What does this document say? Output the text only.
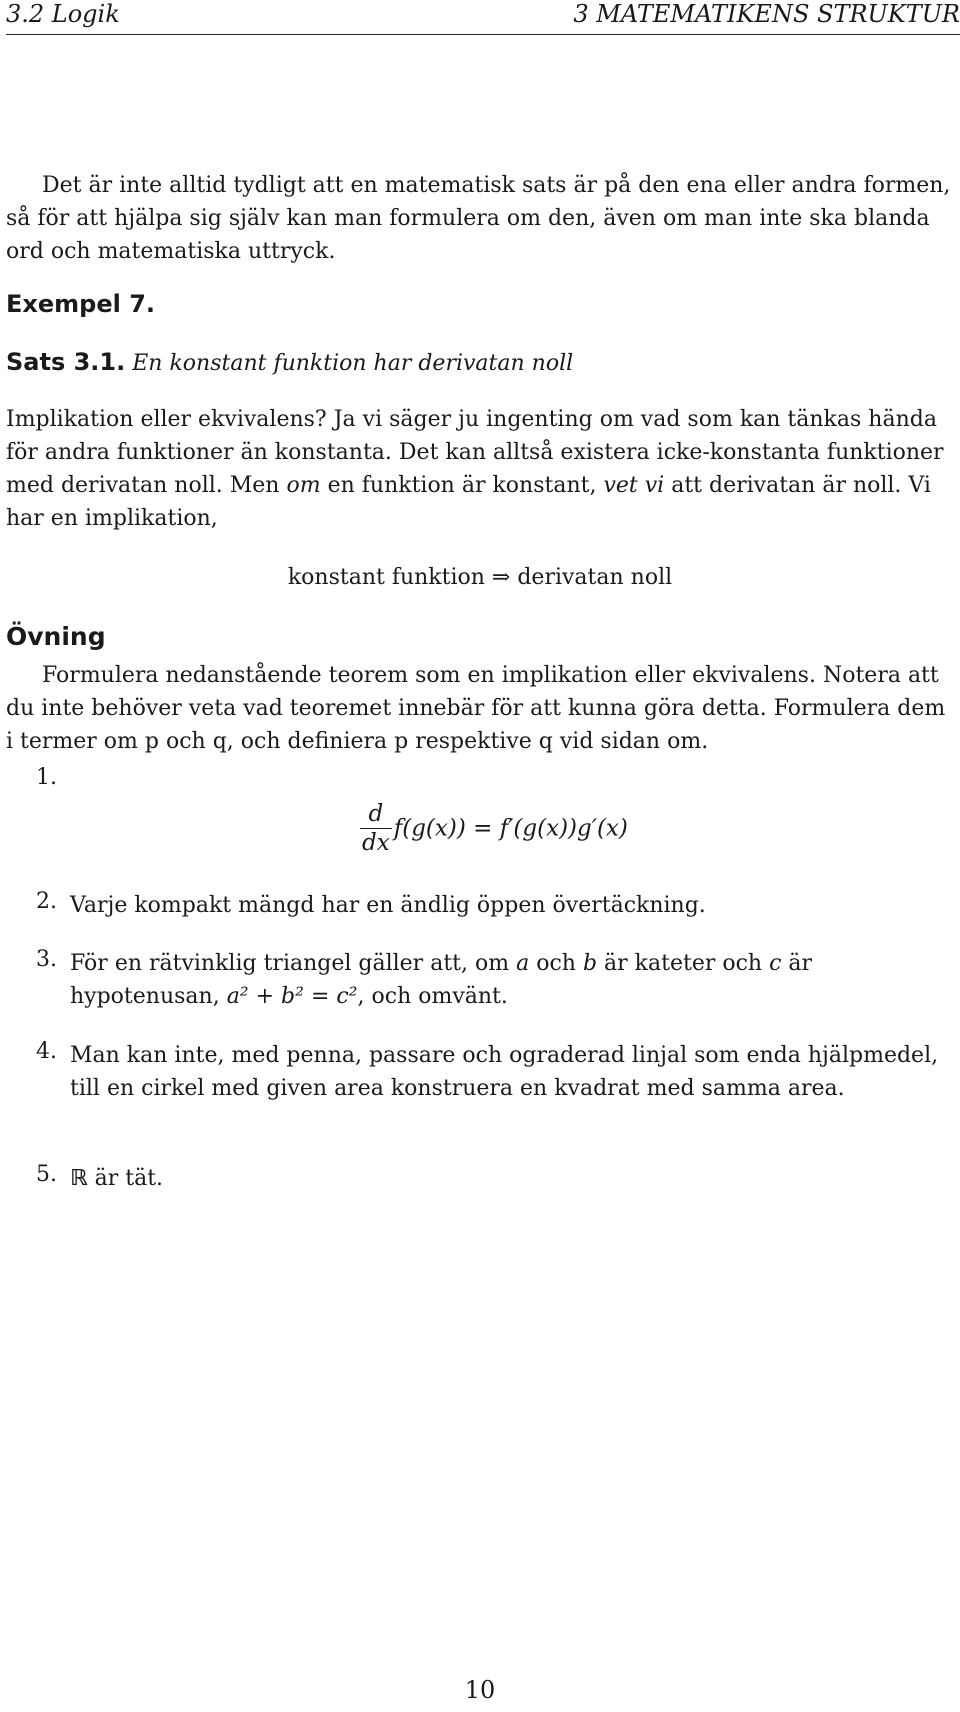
3.2 Logik	3 MATEMATIKENS STRUKTUR

Det är inte alltid tydligt att en matematisk sats är på den ena eller andra formen, så för att hjälpa sig själv kan man formulera om den, även om man inte ska blanda ord och matematiska uttryck.

Exempel 7.
Sats 3.1. En konstant funktion har derivatan noll

Implikation eller ekvivalens? Ja vi säger ju ingenting om vad som kan tänkas hända för andra funktioner än konstanta. Det kan alltså existera icke-konstanta funktioner med derivatan noll. Men om en funktion är konstant, vet vi att derivatan är noll. Vi har en implikation,

konstant funktion ⇒ derivatan noll
Övning

Formulera nedanstående teorem som en implikation eller ekvivalens. Notera att du inte behöver veta vad teoremet innebär för att kunna göra detta. Formulera dem i termer om p och q, och definiera p respektive q vid sidan om.

1.
$\frac{d}{dx} f(g(x)) = f'(g(x))g'(x)$
2. Varje kompakt mängd har en ändlig öppen övertäckning.
3. För en rätvinklig triangel gäller att, om a och b är kateter och c är hypotenusan, a² + b² = c², och omvänt.
4. Man kan inte, med penna, passare och ograderad linjal som enda hjälpmedel, till en cirkel med given area konstruera en kvadrat med samma area.
5. ℝ är tät.
10
